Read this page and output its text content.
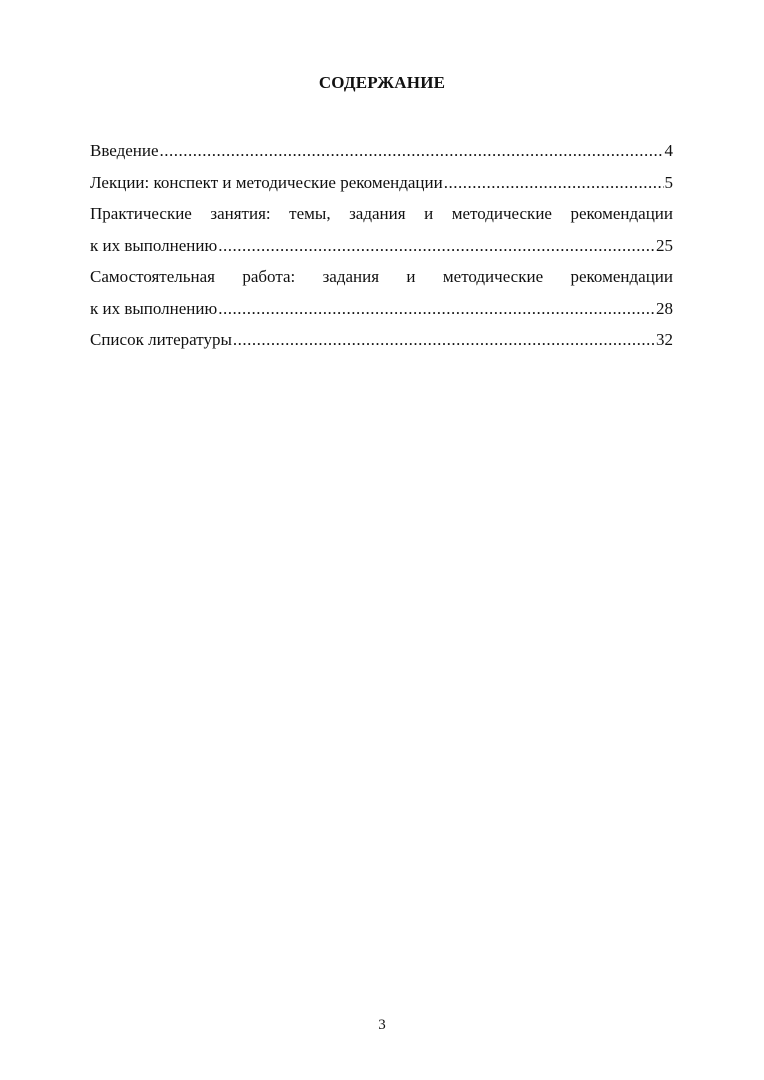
СОДЕРЖАНИЕ
Введение .....	4
Лекции: конспект и методические рекомендации .....	5
Практические занятия: темы, задания и методические рекомендации
к их выполнению .....	25
Самостоятельная работа: задания и методические рекомендации
к их выполнению .....	28
Список литературы .....	32
3
